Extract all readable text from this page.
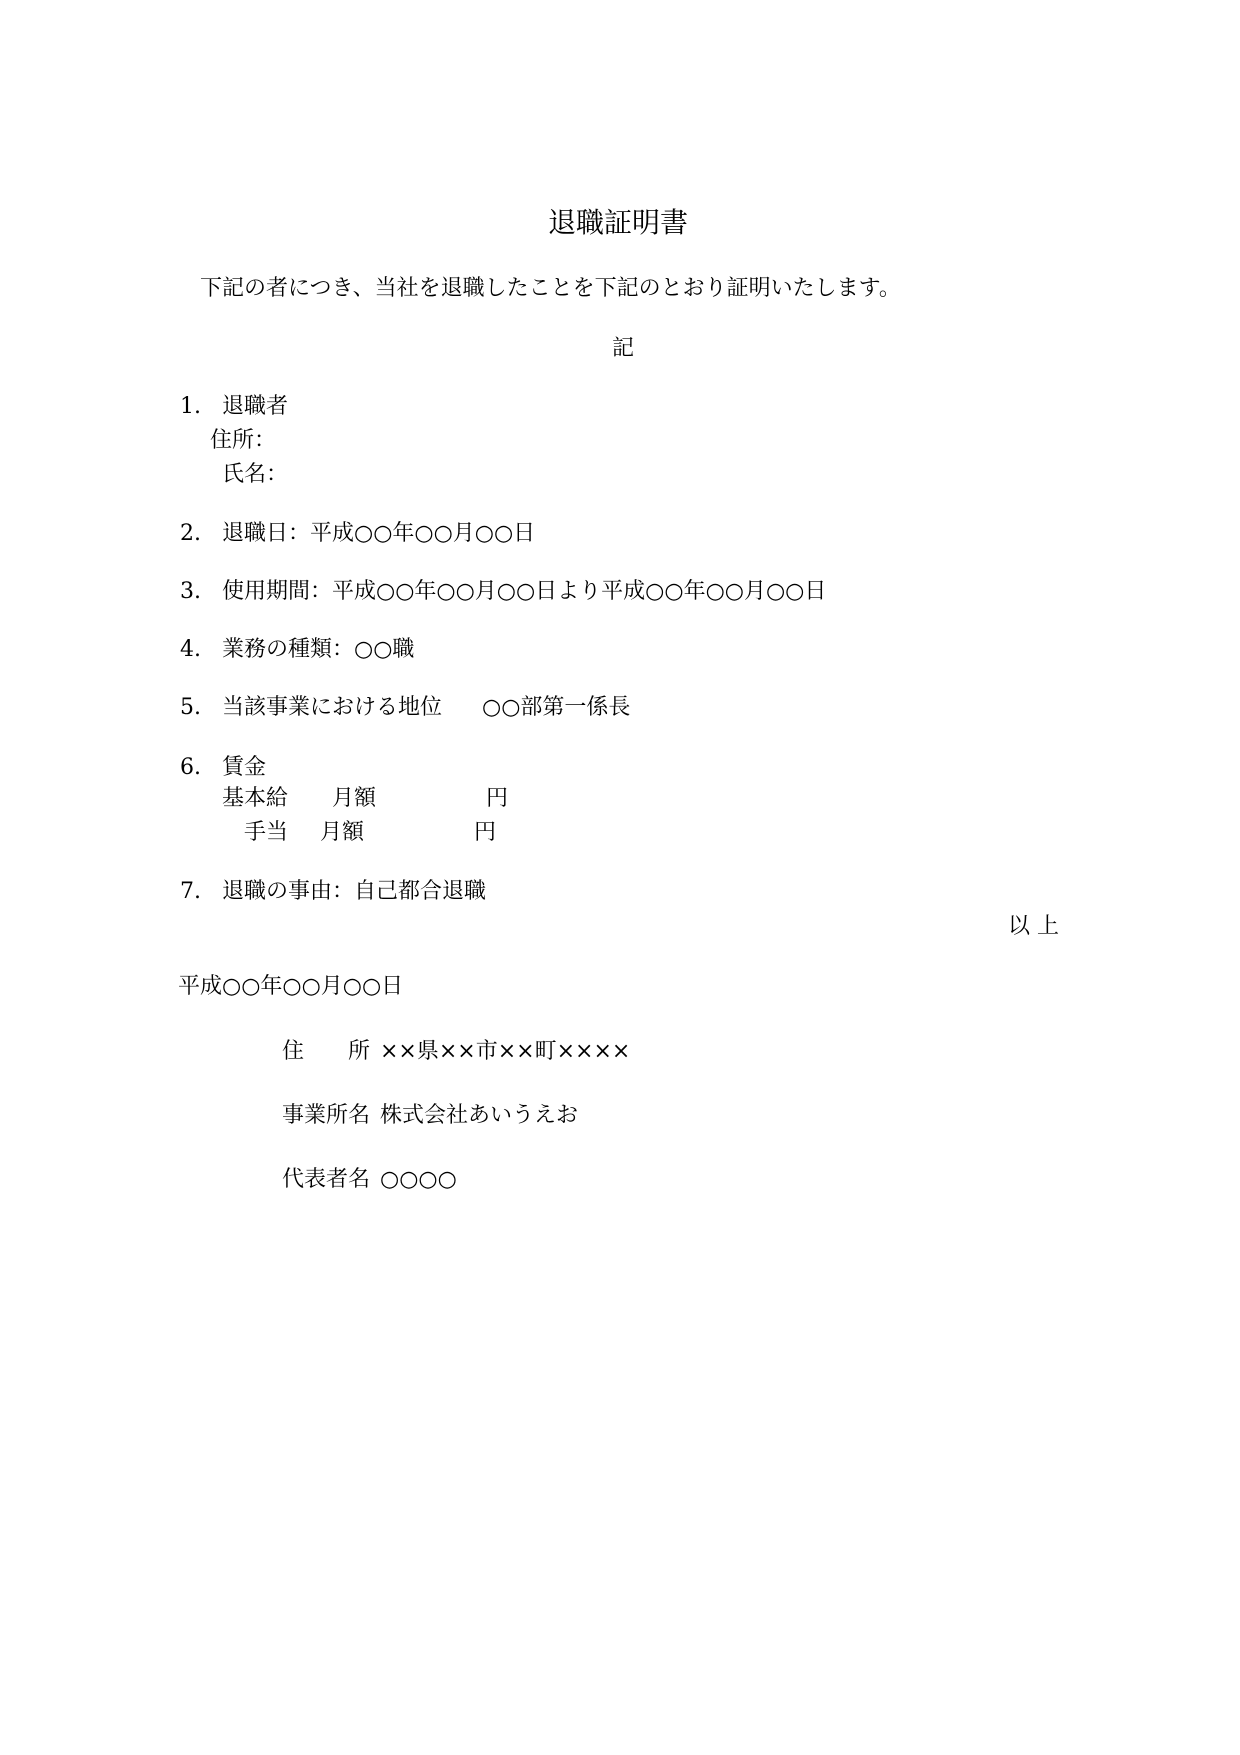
退職証明書
下記の者につき、当社を退職したことを下記のとおり証明いたします。
記
1. 退職者
住所：
氏名：
2. 退職日：平成○○年○○月○○日
3. 使用期間：平成○○年○○月○○日より平成○○年○○月○○日
4. 業務の種類：○○職
5. 当該事業における地位 ○○部第一係長
6. 賃金
基本給 月額	円
手当 月額	円
7. 退職の事由：自己都合退職
以 上
平成○○年○○月○○日
住　　所 ××県××市××町××××
事業所名 株式会社あいうえお
代表者名 ○○○○
